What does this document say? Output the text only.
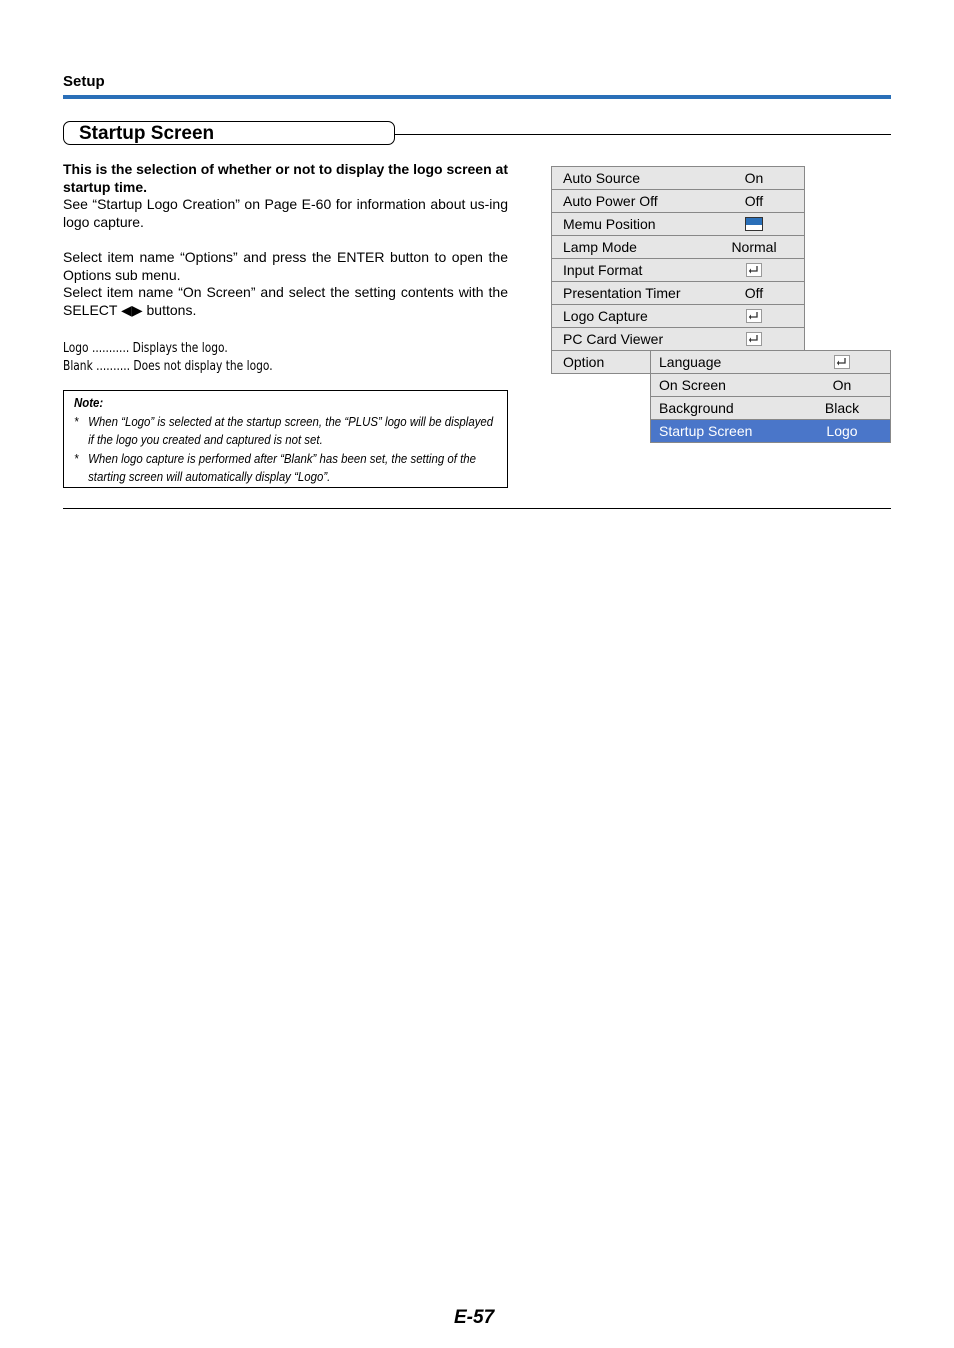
Setup
Startup Screen

This is the selection of whether or not to display the logo screen at startup time.

See “Startup Logo Creation” on Page E-60 for information about us-ing logo capture.

Select item name “Options” and press the ENTER button to open the Options sub menu.

Select item name “On Screen” and select the setting contents with the SELECT ◀▶ buttons.

Logo ........... Displays the logo.
Blank .......... Does not display the logo.
Note:
* When “Logo” is selected at the startup screen, the “PLUS” logo will be displayed if the logo you created and captured is not set.
* When logo capture is performed after “Blank” has been set, the setting of the starting screen will automatically display “Logo”.
Auto Source	On
Auto Power Off	Off
Memu Position
Lamp Mode	Normal
Input Format
Presentation Timer	Off
Logo Capture
PC Card Viewer
Option	Language
On Screen	On
Background	Black
Startup Screen	Logo
E-57
